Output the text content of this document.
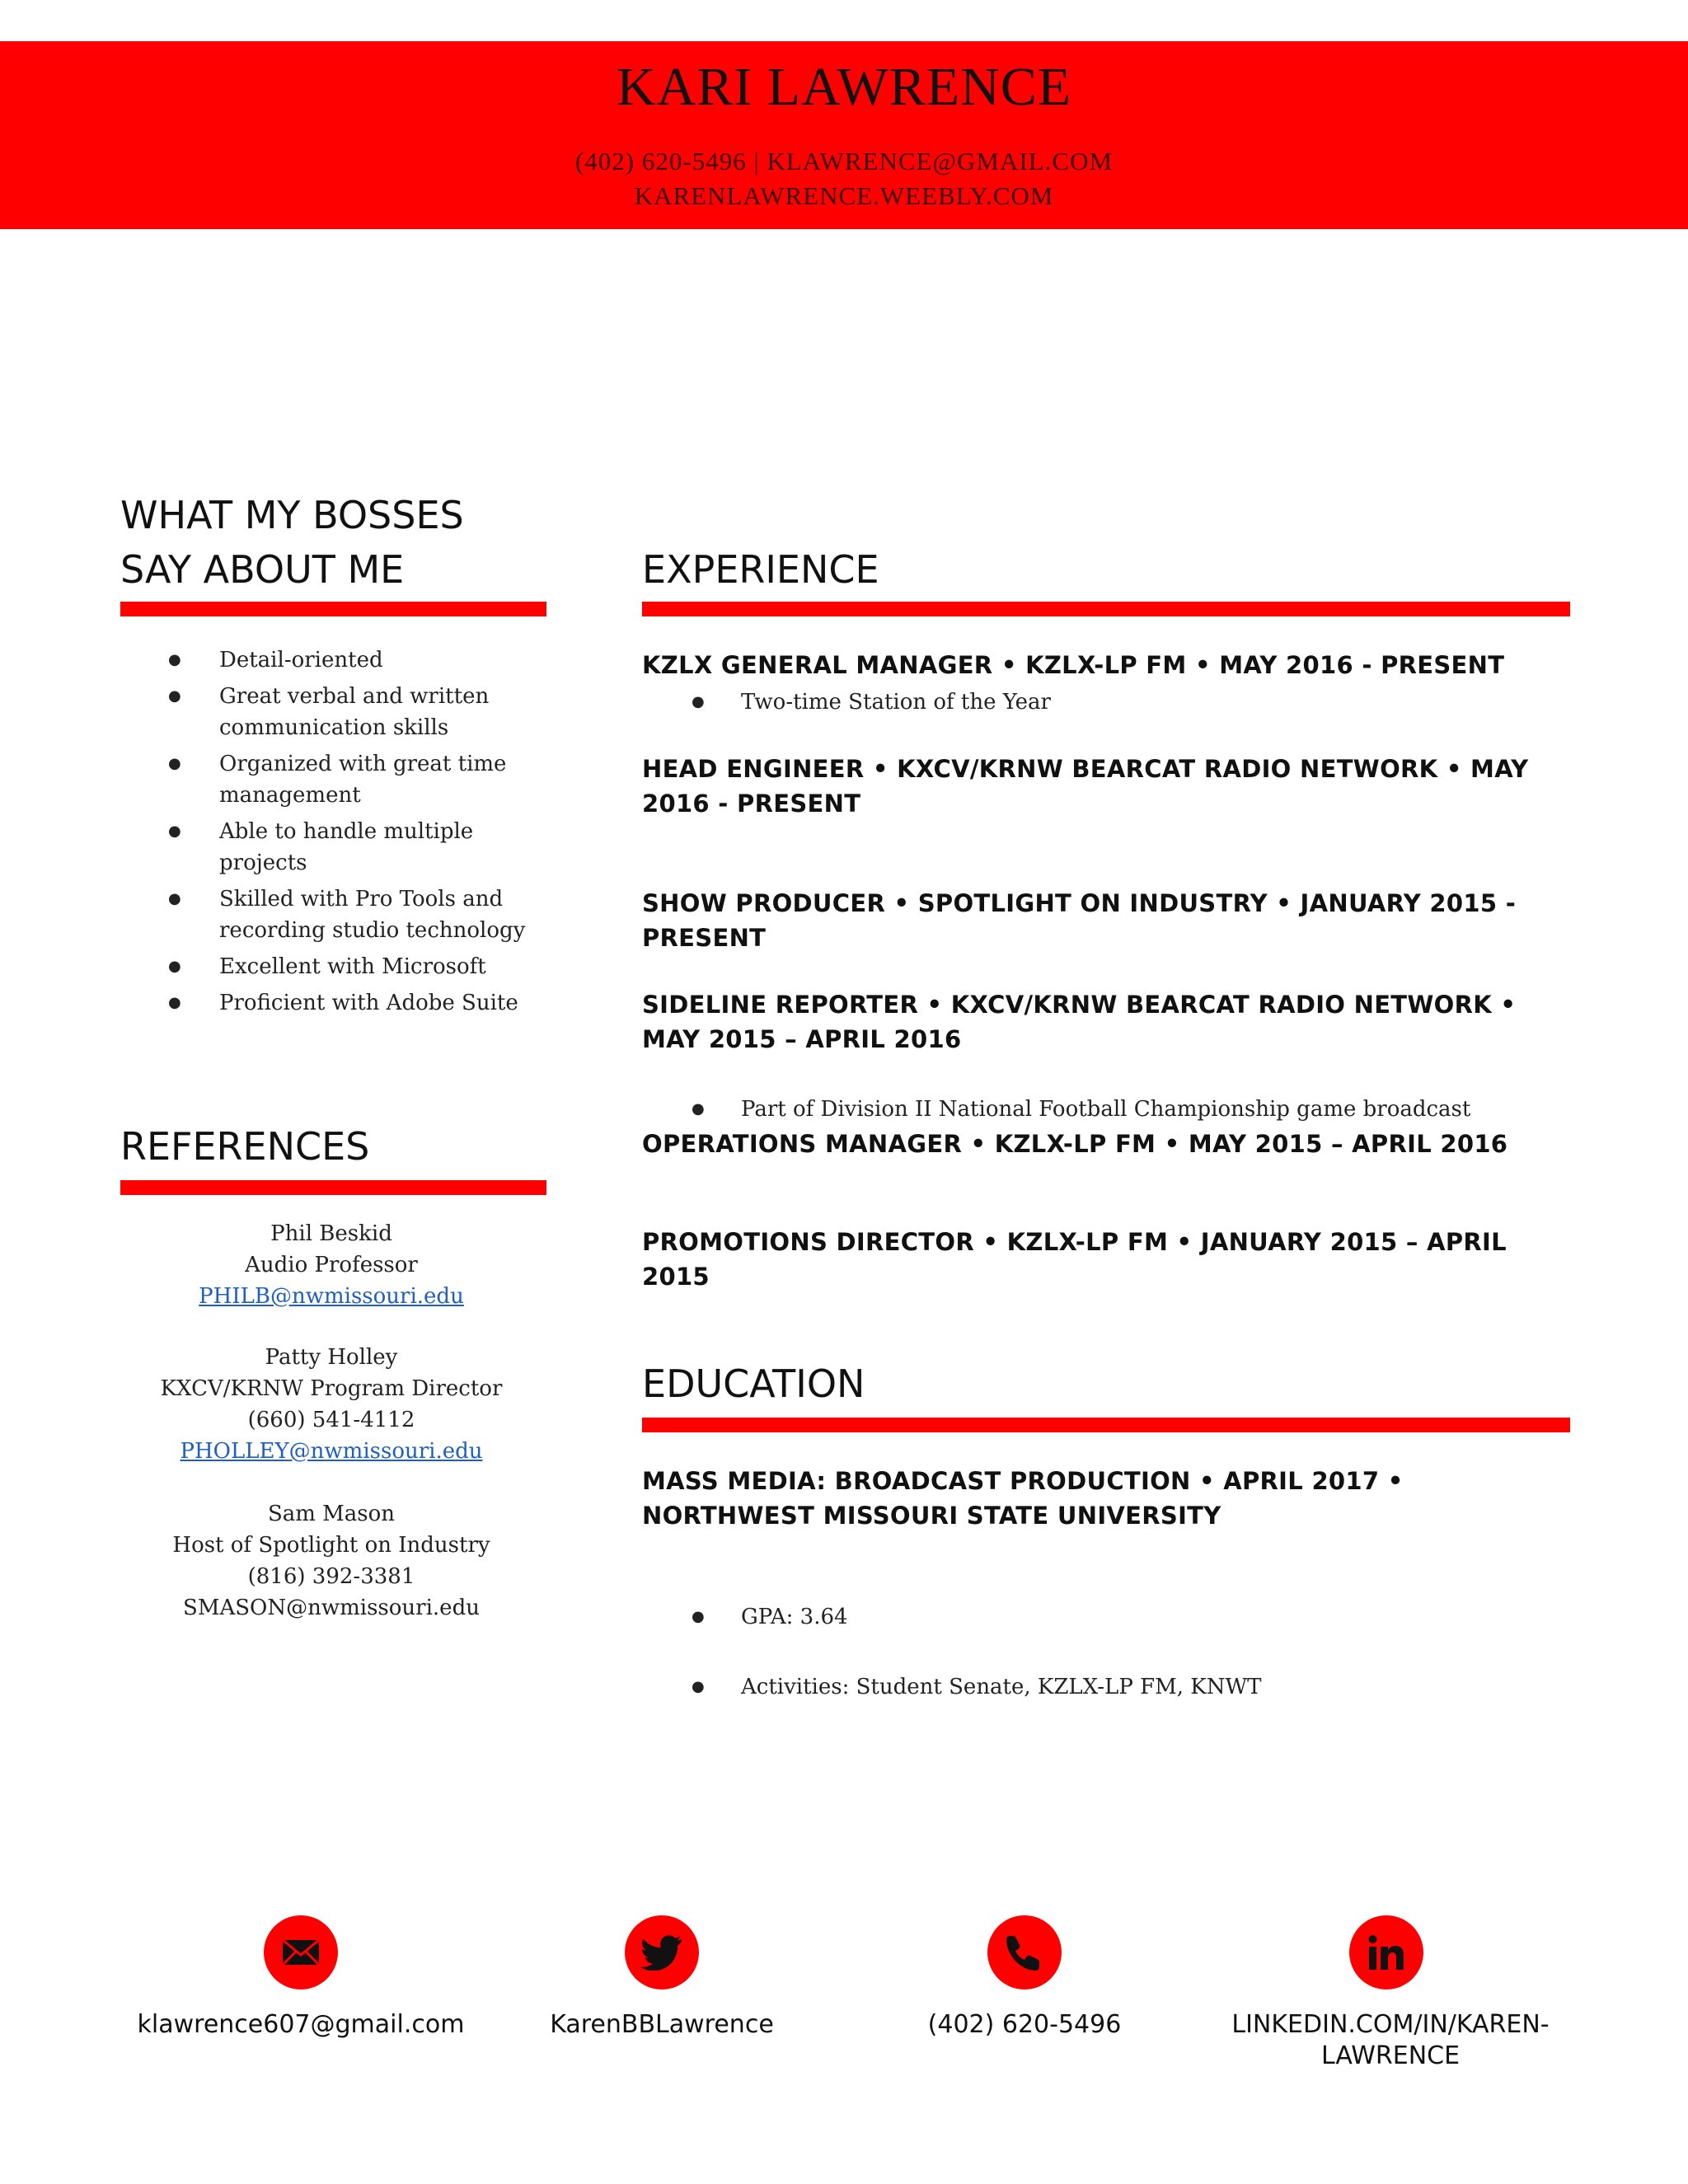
KARI LAWRENCE
(402) 620-5496 | KLAWRENCE@GMAIL.COM
KARENLAWRENCE.WEEBLY.COM
WHAT MY BOSSES
SAY ABOUT ME
● Detail-oriented
● Great verbal and written communication skills
● Organized with great time management
● Able to handle multiple projects
● Skilled with Pro Tools and recording studio technology
● Excellent with Microsoft
● Proficient with Adobe Suite
REFERENCES
Phil Beskid
Audio Professor
PHILB@nwmissouri.edu
Patty Holley
KXCV/KRNW Program Director
(660) 541-4112
PHOLLEY@nwmissouri.edu
Sam Mason
Host of Spotlight on Industry
(816) 392-3381
SMASON@nwmissouri.edu
EXPERIENCE
KZLX GENERAL MANAGER • KZLX-LP FM • MAY 2016 - PRESENT
● Two-time Station of the Year
HEAD ENGINEER • KXCV/KRNW BEARCAT RADIO NETWORK • MAY 2016 - PRESENT
SHOW PRODUCER • SPOTLIGHT ON INDUSTRY • JANUARY 2015 - PRESENT
SIDELINE REPORTER • KXCV/KRNW BEARCAT RADIO NETWORK • MAY 2015 – APRIL 2016
● Part of Division II National Football Championship game broadcast
OPERATIONS MANAGER • KZLX-LP FM • MAY 2015 – APRIL 2016
PROMOTIONS DIRECTOR • KZLX-LP FM • JANUARY 2015 – APRIL 2015
EDUCATION
MASS MEDIA: BROADCAST PRODUCTION • APRIL 2017 • NORTHWEST MISSOURI STATE UNIVERSITY
● GPA: 3.64
● Activities: Student Senate, KZLX-LP FM, KNWT
klawrence607@gmail.com	KarenBBLawrence	(402) 620-5496	LINKEDIN.COM/IN/KAREN-LAWRENCE
